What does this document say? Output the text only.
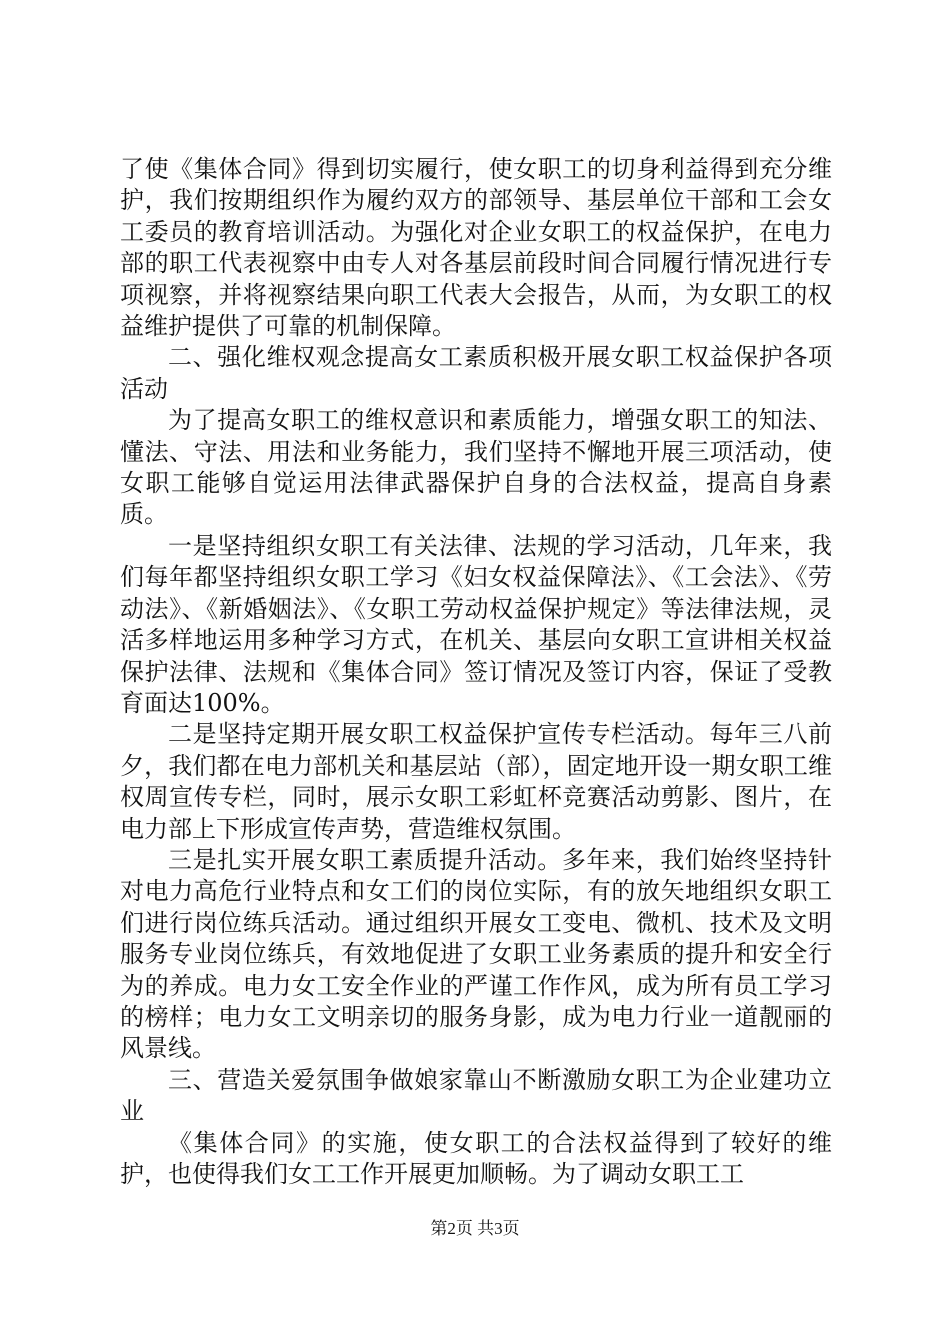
了使《集体合同》得到切实履行，使女职工的切身利益得到充分维护，我们按期组织作为履约双方的部领导、基层单位干部和工会女工委员的教育培训活动。为强化对企业女职工的权益保护，在电力部的职工代表视察中由专人对各基层前段时间合同履行情况进行专项视察，并将视察结果向职工代表大会报告，从而，为女职工的权益维护提供了可靠的机制保障。

二、强化维权观念提高女工素质积极开展女职工权益保护各项活动

为了提高女职工的维权意识和素质能力，增强女职工的知法、懂法、守法、用法和业务能力，我们坚持不懈地开展三项活动，使女职工能够自觉运用法律武器保护自身的合法权益，提高自身素质。

一是坚持组织女职工有关法律、法规的学习活动，几年来，我们每年都坚持组织女职工学习《妇女权益保障法》、《工会法》、《劳动法》、《新婚姻法》、《女职工劳动权益保护规定》等法律法规，灵活多样地运用多种学习方式，在机关、基层向女职工宣讲相关权益保护法律、法规和《集体合同》签订情况及签订内容，保证了受教育面达100%。

二是坚持定期开展女职工权益保护宣传专栏活动。每年三八前夕，我们都在电力部机关和基层站（部），固定地开设一期女职工维权周宣传专栏，同时，展示女职工彩虹杯竞赛活动剪影、图片，在电力部上下形成宣传声势，营造维权氛围。

三是扎实开展女职工素质提升活动。多年来，我们始终坚持针对电力高危行业特点和女工们的岗位实际，有的放矢地组织女职工们进行岗位练兵活动。通过组织开展女工变电、微机、技术及文明服务专业岗位练兵，有效地促进了女职工业务素质的提升和安全行为的养成。电力女工安全作业的严谨工作作风，成为所有员工学习的榜样；电力女工文明亲切的服务身影，成为电力行业一道靓丽的风景线。

三、营造关爱氛围争做娘家靠山不断激励女职工为企业建功立业

《集体合同》的实施，使女职工的合法权益得到了较好的维护，也使得我们女工工作开展更加顺畅。为了调动女职工工

第2页 共3页
